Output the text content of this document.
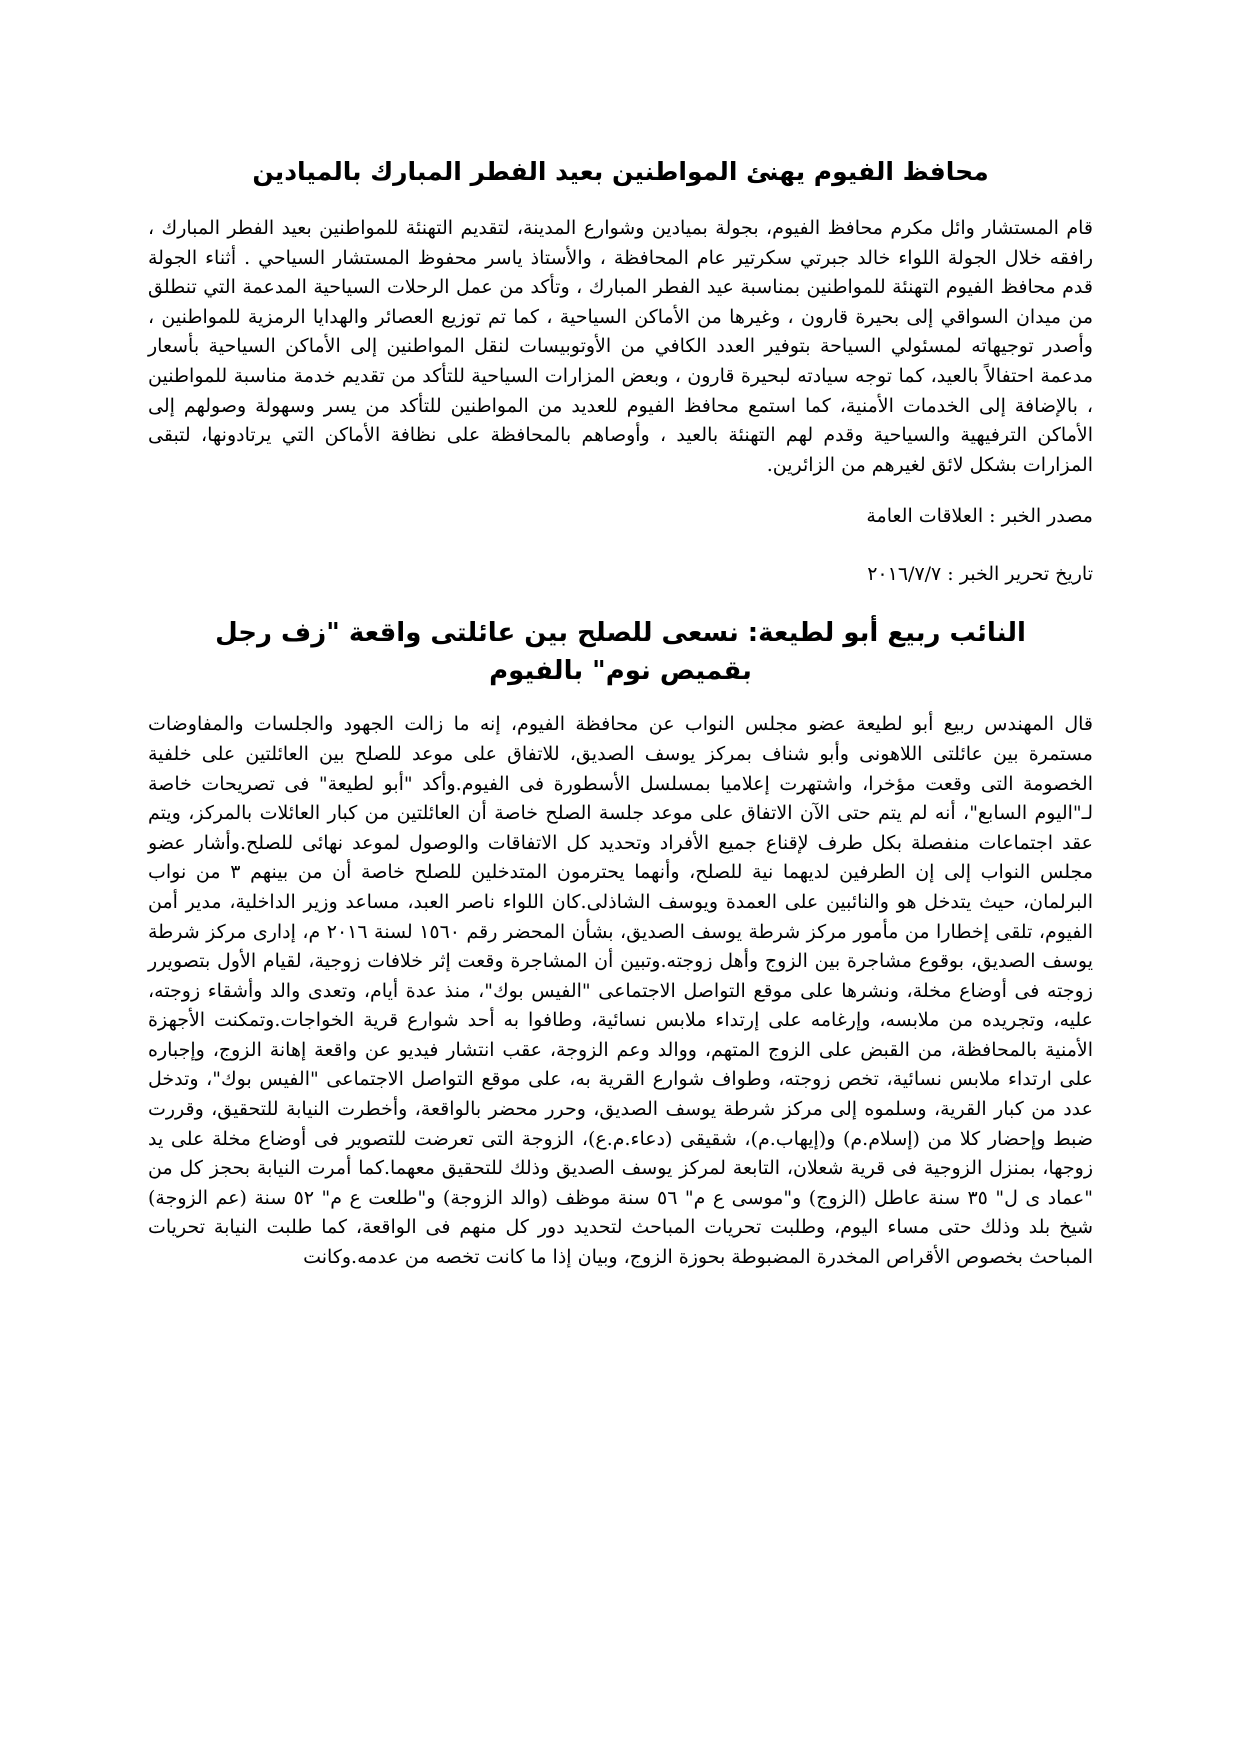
محافظ الفيوم يهنئ المواطنين بعيد الفطر المبارك بالميادين

قام المستشار وائل مكرم محافظ الفيوم، بجولة بميادين وشوارع المدينة، لتقديم التهنئة للمواطنين بعيد الفطر المبارك ، رافقه خلال الجولة اللواء خالد جبرتي سكرتير عام المحافظة ، والأستاذ ياسر محفوظ المستشار السياحي . أثناء الجولة قدم محافظ الفيوم التهنئة للمواطنين بمناسبة عيد الفطر المبارك ، وتأكد من عمل الرحلات السياحية المدعمة التي تنطلق من ميدان السواقي إلى بحيرة قارون ، وغيرها من الأماكن السياحية ، كما تم توزيع العصائر والهدايا الرمزية للمواطنين ، وأصدر توجيهاته لمسئولي السياحة بتوفير العدد الكافي من الأوتوبيسات لنقل المواطنين إلى الأماكن السياحية بأسعار مدعمة احتفالاً بالعيد، كما توجه سيادته لبحيرة قارون ، وبعض المزارات السياحية للتأكد من تقديم خدمة مناسبة للمواطنين ، بالإضافة إلى الخدمات الأمنية، كما استمع محافظ الفيوم للعديد من المواطنين للتأكد من يسر وسهولة وصولهم إلى الأماكن الترفيهية والسياحية وقدم لهم التهنئة بالعيد ، وأوصاهم بالمحافظة على نظافة الأماكن التي يرتادونها، لتبقى المزارات بشكل لائق لغيرهم من الزائرين.

مصدر الخبر : العلاقات العامة

تاريخ تحرير الخبر : ٢٠١٦/٧/٧

النائب ربيع أبو لطيعة: نسعى للصلح بين عائلتى واقعة "زف رجل بقميص نوم" بالفيوم

قال المهندس ربيع أبو لطيعة عضو مجلس النواب عن محافظة الفيوم، إنه ما زالت الجهود والجلسات والمفاوضات مستمرة بين عائلتى اللاهونى وأبو شناف بمركز يوسف الصديق، للاتفاق على موعد للصلح بين العائلتين على خلفية الخصومة التى وقعت مؤخرا، واشتهرت إعلاميا بمسلسل الأسطورة فى الفيوم.وأكد "أبو لطيعة" فى تصريحات خاصة لـ"اليوم السابع"، أنه لم يتم حتى الآن الاتفاق على موعد جلسة الصلح خاصة أن العائلتين من كبار العائلات بالمركز، ويتم عقد اجتماعات منفصلة بكل طرف لإقناع جميع الأفراد وتحديد كل الاتفاقات والوصول لموعد نهائى للصلح.وأشار عضو مجلس النواب إلى إن الطرفين لديهما نية للصلح، وأنهما يحترمون المتدخلين للصلح خاصة أن من بينهم ٣ من نواب البرلمان، حيث يتدخل هو والنائبين على العمدة ويوسف الشاذلى.كان اللواء ناصر العبد، مساعد وزير الداخلية، مدير أمن الفيوم، تلقى إخطارا من مأمور مركز شرطة يوسف الصديق، بشأن المحضر رقم ١٥٦٠ لسنة ٢٠١٦ م، إدارى مركز شرطة يوسف الصديق، بوقوع مشاجرة بين الزوج وأهل زوجته.وتبين أن المشاجرة وقعت إثر خلافات زوجية، لقيام الأول بتصويرر زوجته فى أوضاع مخلة، ونشرها على موقع التواصل الاجتماعى "الفيس بوك"، منذ عدة أيام، وتعدى والد وأشقاء زوجته، عليه، وتجريده من ملابسه، وإرغامه على إرتداء ملابس نسائية، وطافوا به أحد شوارع قرية الخواجات.وتمكنت الأجهزة الأمنية بالمحافظة، من القبض على الزوج المتهم، ووالد وعم الزوجة، عقب انتشار فيديو عن واقعة إهانة الزوج، وإجباره على ارتداء ملابس نسائية، تخص زوجته، وطواف شوارع القرية به، على موقع التواصل الاجتماعى "الفيس بوك"، وتدخل عدد من كبار القرية، وسلموه إلى مركز شرطة يوسف الصديق، وحرر محضر بالواقعة، وأخطرت النيابة للتحقيق، وقررت ضبط وإحضار كلا من (إسلام.م) و(إيهاب.م)، شقيقى (دعاء.م.ع)، الزوجة التى تعرضت للتصوير فى أوضاع مخلة على يد زوجها، بمنزل الزوجية فى قرية شعلان، التابعة لمركز يوسف الصديق وذلك للتحقيق معهما.كما أمرت النيابة بحجز كل من "عماد ى ل" ٣٥ سنة عاطل (الزوج) و"موسى ع م" ٥٦ سنة موظف (والد الزوجة) و"طلعت ع م" ٥٢ سنة (عم الزوجة) شيخ بلد وذلك حتى مساء اليوم، وطلبت تحريات المباحث لتحديد دور كل منهم فى الواقعة، كما طلبت النيابة تحريات المباحث بخصوص الأقراص المخدرة المضبوطة بحوزة الزوج، وبيان إذا ما كانت تخصه من عدمه.وكانت
